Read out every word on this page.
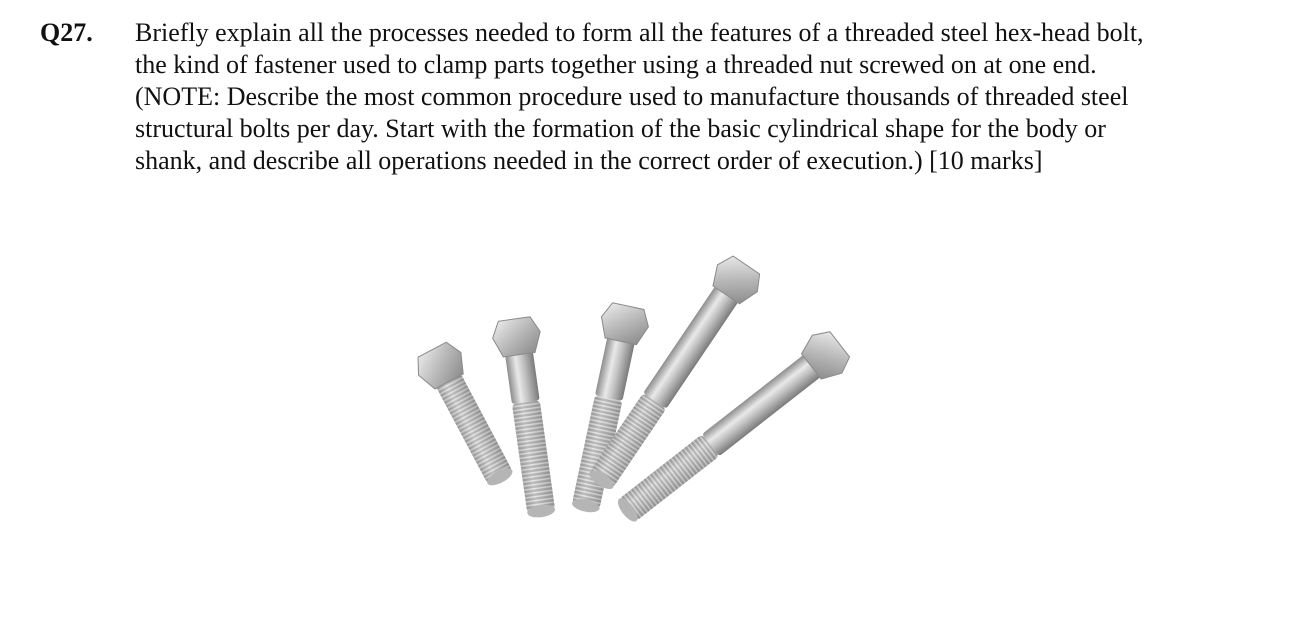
Q27. Briefly explain all the processes needed to form all the features of a threaded steel hex-head bolt,
the kind of fastener used to clamp parts together using a threaded nut screwed on at one end.
(NOTE: Describe the most common procedure used to manufacture thousands of threaded steel
structural bolts per day. Start with the formation of the basic cylindrical shape for the body or
shank, and describe all operations needed in the correct order of execution.) [10 marks]
